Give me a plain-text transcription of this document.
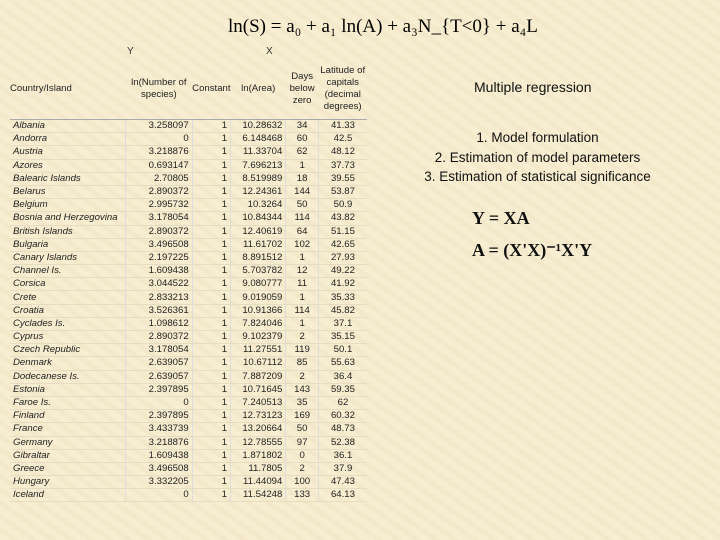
ln(S) = a₀ + a₁ ln(A) + a₃N_{T<0} + a₄L
Y	X
Country/Island	ln(Number of species)	Constant	ln(Area)	Days below zero	Latitude of capitals (decimal degrees)
Albania	3.258097	1	10.28632	34	41.33
Andorra	0	1	6.148468	60	42.5
Austria	3.218876	1	11.33704	62	48.12
Azores	0.693147	1	7.696213	1	37.73
Balearic Islands	2.70805	1	8.519989	18	39.55
Belarus	2.890372	1	12.24361	144	53.87
Belgium	2.995732	1	10.3264	50	50.9
Bosnia and Herzegovina	3.178054	1	10.84344	114	43.82
British Islands	2.890372	1	12.40619	64	51.15
Bulgaria	3.496508	1	11.61702	102	42.65
Canary Islands	2.197225	1	8.891512	1	27.93
Channel Is.	1.609438	1	5.703782	12	49.22
Corsica	3.044522	1	9.080777	11	41.92
Crete	2.833213	1	9.019059	1	35.33
Croatia	3.526361	1	10.91366	114	45.82
Cyclades Is.	1.098612	1	7.824046	1	37.1
Cyprus	2.890372	1	9.102379	2	35.15
Czech Republic	3.178054	1	11.27551	119	50.1
Denmark	2.639057	1	10.67112	85	55.63
Dodecanese Is.	2.639057	1	7.887209	2	36.4
Estonia	2.397895	1	10.71645	143	59.35
Faroe Is.	0	1	7.240513	35	62
Finland	2.397895	1	12.73123	169	60.32
France	3.433739	1	13.20664	50	48.73
Germany	3.218876	1	12.78555	97	52.38
Gibraltar	1.609438	1	1.871802	0	36.1
Greece	3.496508	1	11.7805	2	37.9
Hungary	3.332205	1	11.44094	100	47.43
Iceland	0	1	11.54248	133	64.13
Multiple regression
1. Model formulation
2. Estimation of model parameters
3. Estimation of statistical significance
Y = XA
A = (X'X)⁻¹X'Y
